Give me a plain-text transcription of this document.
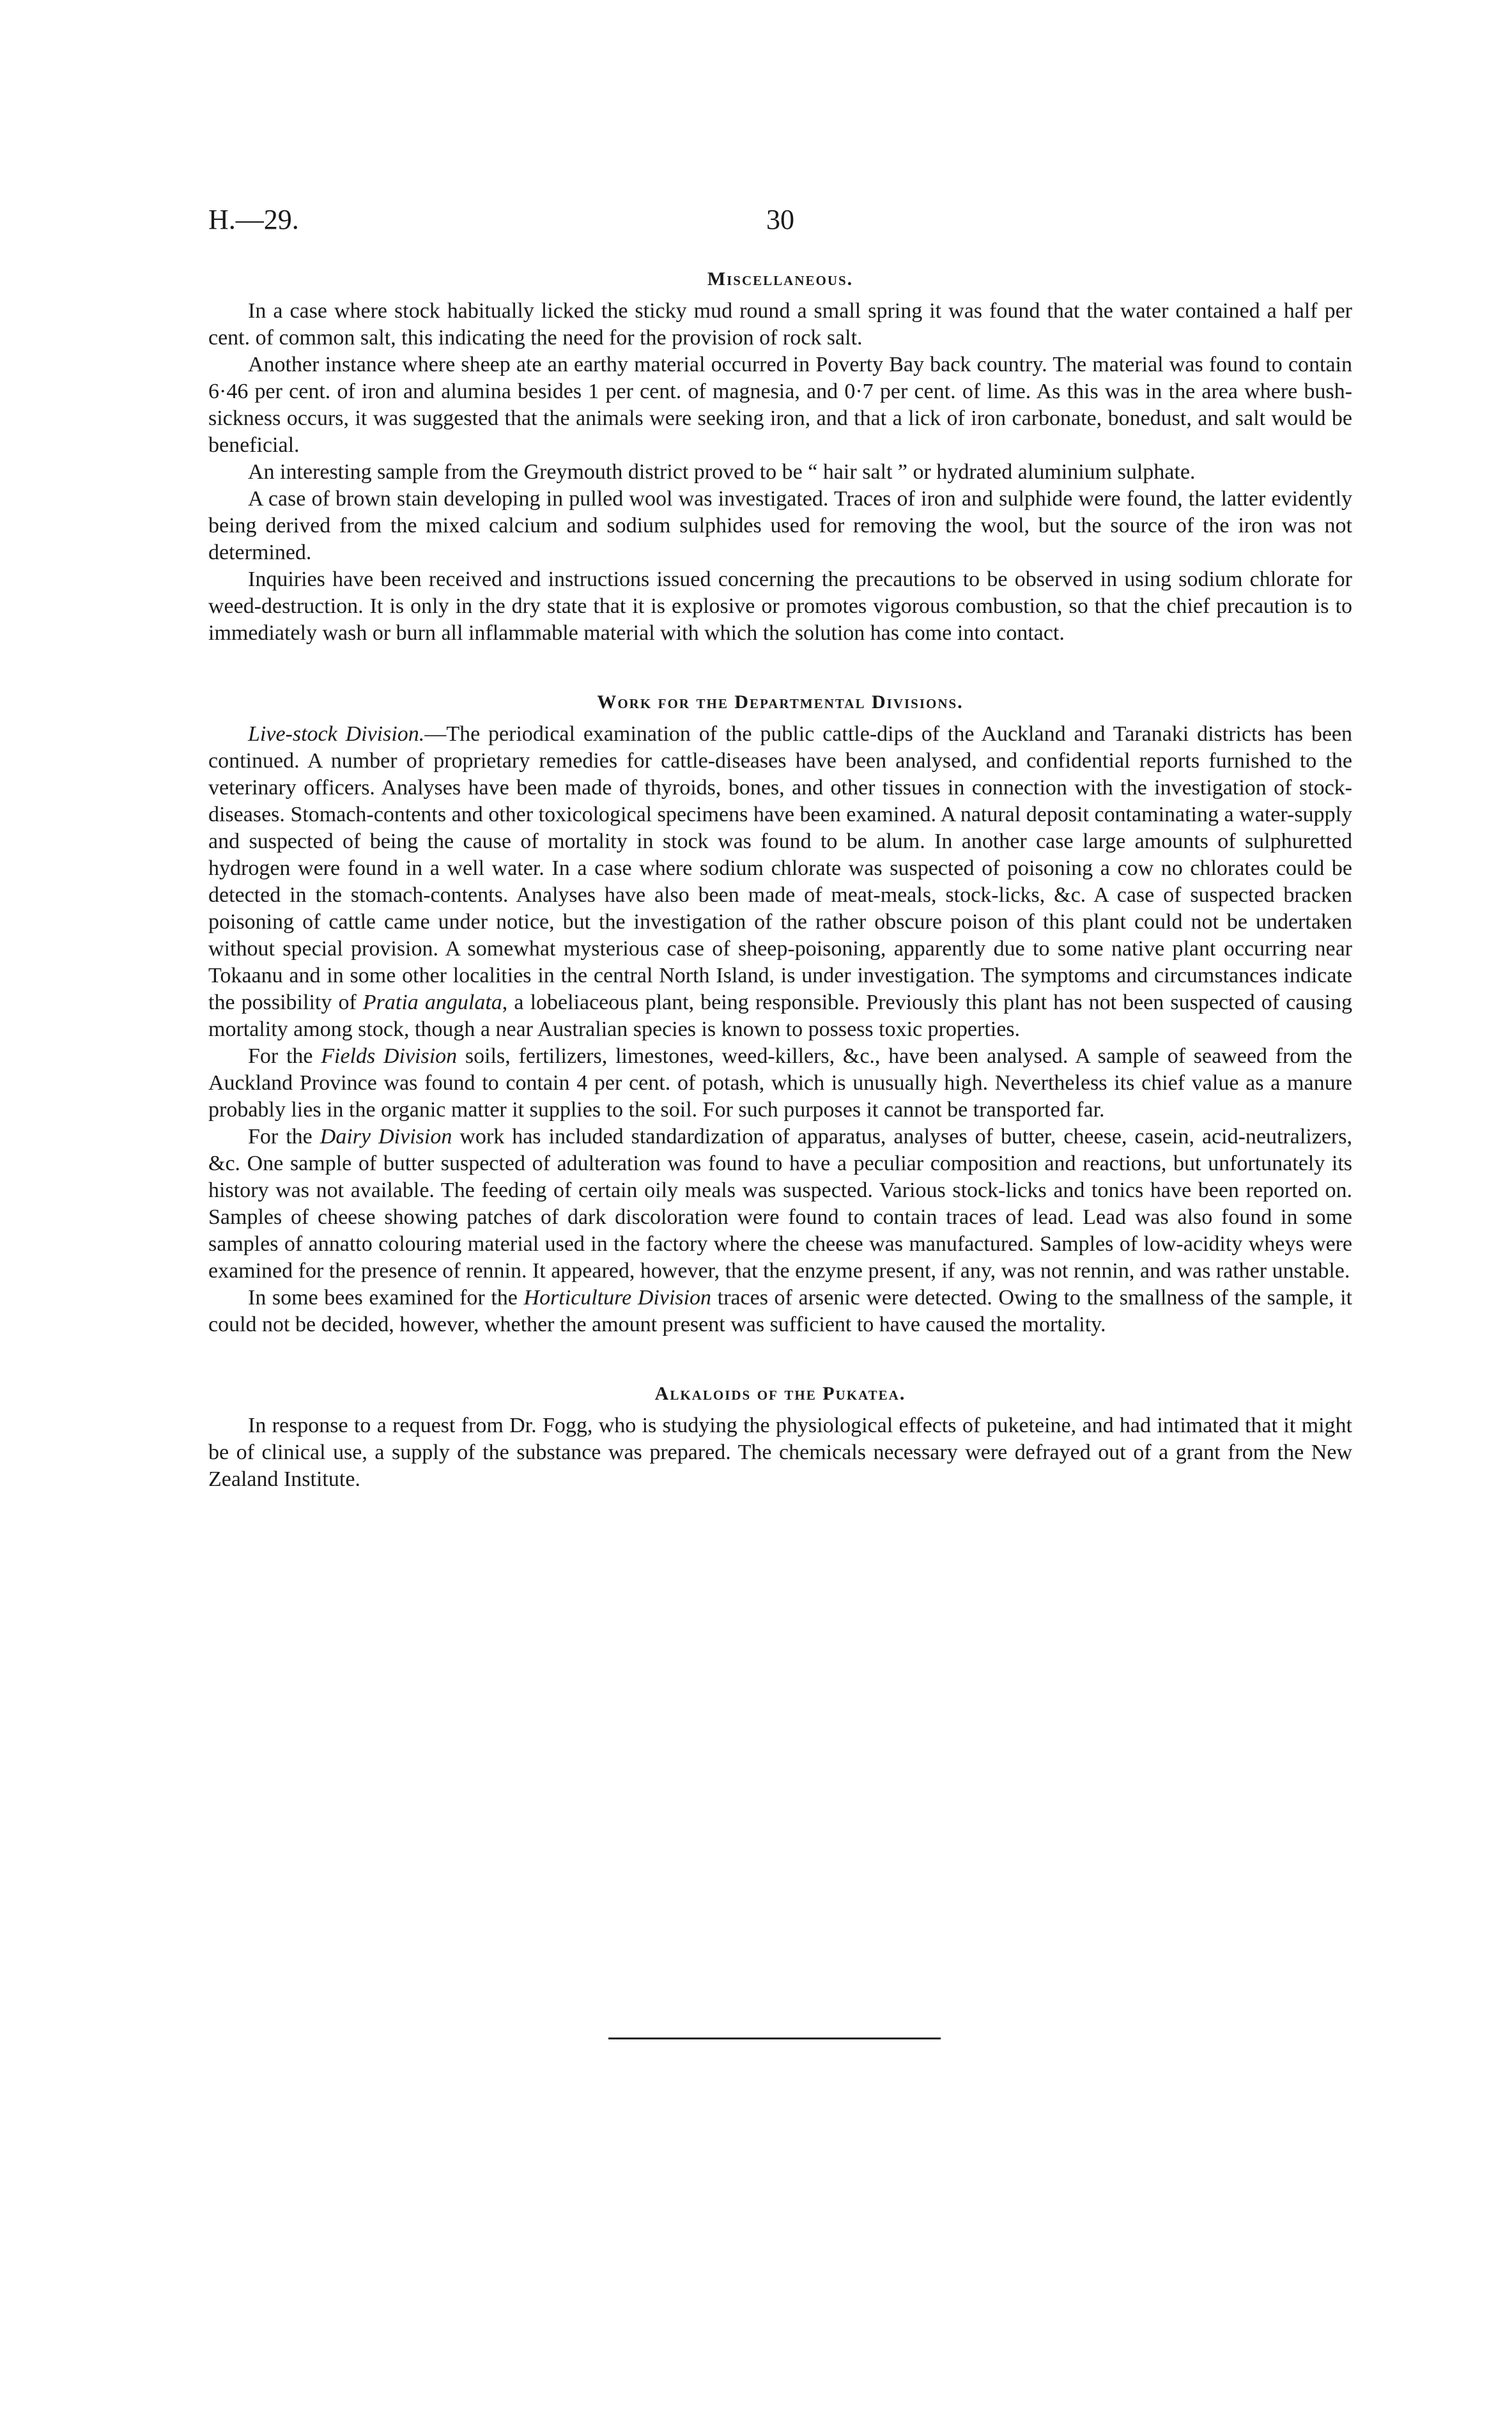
H.—29.	30
Miscellaneous.

In a case where stock habitually licked the sticky mud round a small spring it was found that the water contained a half per cent. of common salt, this indicating the need for the provision of rock salt.

Another instance where sheep ate an earthy material occurred in Poverty Bay back country. The material was found to contain 6·46 per cent. of iron and alumina besides 1 per cent. of magnesia, and 0·7 per cent. of lime. As this was in the area where bush-sickness occurs, it was suggested that the animals were seeking iron, and that a lick of iron carbonate, bonedust, and salt would be beneficial.

An interesting sample from the Greymouth district proved to be “ hair salt ” or hydrated aluminium sulphate.

A case of brown stain developing in pulled wool was investigated. Traces of iron and sulphide were found, the latter evidently being derived from the mixed calcium and sodium sulphides used for removing the wool, but the source of the iron was not determined.

Inquiries have been received and instructions issued concerning the precautions to be observed in using sodium chlorate for weed-destruction. It is only in the dry state that it is explosive or promotes vigorous combustion, so that the chief precaution is to immediately wash or burn all inflammable material with which the solution has come into contact.

Work for the Departmental Divisions.

Live-stock Division.—The periodical examination of the public cattle-dips of the Auckland and Taranaki districts has been continued. A number of proprietary remedies for cattle-diseases have been analysed, and confidential reports furnished to the veterinary officers. Analyses have been made of thyroids, bones, and other tissues in connection with the investigation of stock-diseases. Stomach-contents and other toxicological specimens have been examined. A natural deposit contaminating a water-supply and suspected of being the cause of mortality in stock was found to be alum. In another case large amounts of sulphuretted hydrogen were found in a well water. In a case where sodium chlorate was suspected of poisoning a cow no chlorates could be detected in the stomach-contents. Analyses have also been made of meat-meals, stock-licks, &c. A case of suspected bracken poisoning of cattle came under notice, but the investigation of the rather obscure poison of this plant could not be undertaken without special provision. A somewhat mysterious case of sheep-poisoning, apparently due to some native plant occurring near Tokaanu and in some other localities in the central North Island, is under investigation. The symptoms and circumstances indicate the possibility of Pratia angulata, a lobeliaceous plant, being responsible. Previously this plant has not been suspected of causing mortality among stock, though a near Australian species is known to possess toxic properties.

For the Fields Division soils, fertilizers, limestones, weed-killers, &c., have been analysed. A sample of seaweed from the Auckland Province was found to contain 4 per cent. of potash, which is unusually high. Nevertheless its chief value as a manure probably lies in the organic matter it supplies to the soil. For such purposes it cannot be transported far.

For the Dairy Division work has included standardization of apparatus, analyses of butter, cheese, casein, acid-neutralizers, &c. One sample of butter suspected of adulteration was found to have a peculiar composition and reactions, but unfortunately its history was not available. The feeding of certain oily meals was suspected. Various stock-licks and tonics have been reported on. Samples of cheese showing patches of dark discoloration were found to contain traces of lead. Lead was also found in some samples of annatto colouring material used in the factory where the cheese was manufactured. Samples of low-acidity wheys were examined for the presence of rennin. It appeared, however, that the enzyme present, if any, was not rennin, and was rather unstable.

In some bees examined for the Horticulture Division traces of arsenic were detected. Owing to the smallness of the sample, it could not be decided, however, whether the amount present was sufficient to have caused the mortality.

Alkaloids of the Pukatea.

In response to a request from Dr. Fogg, who is studying the physiological effects of puketeine, and had intimated that it might be of clinical use, a supply of the substance was prepared. The chemicals necessary were defrayed out of a grant from the New Zealand Institute.
